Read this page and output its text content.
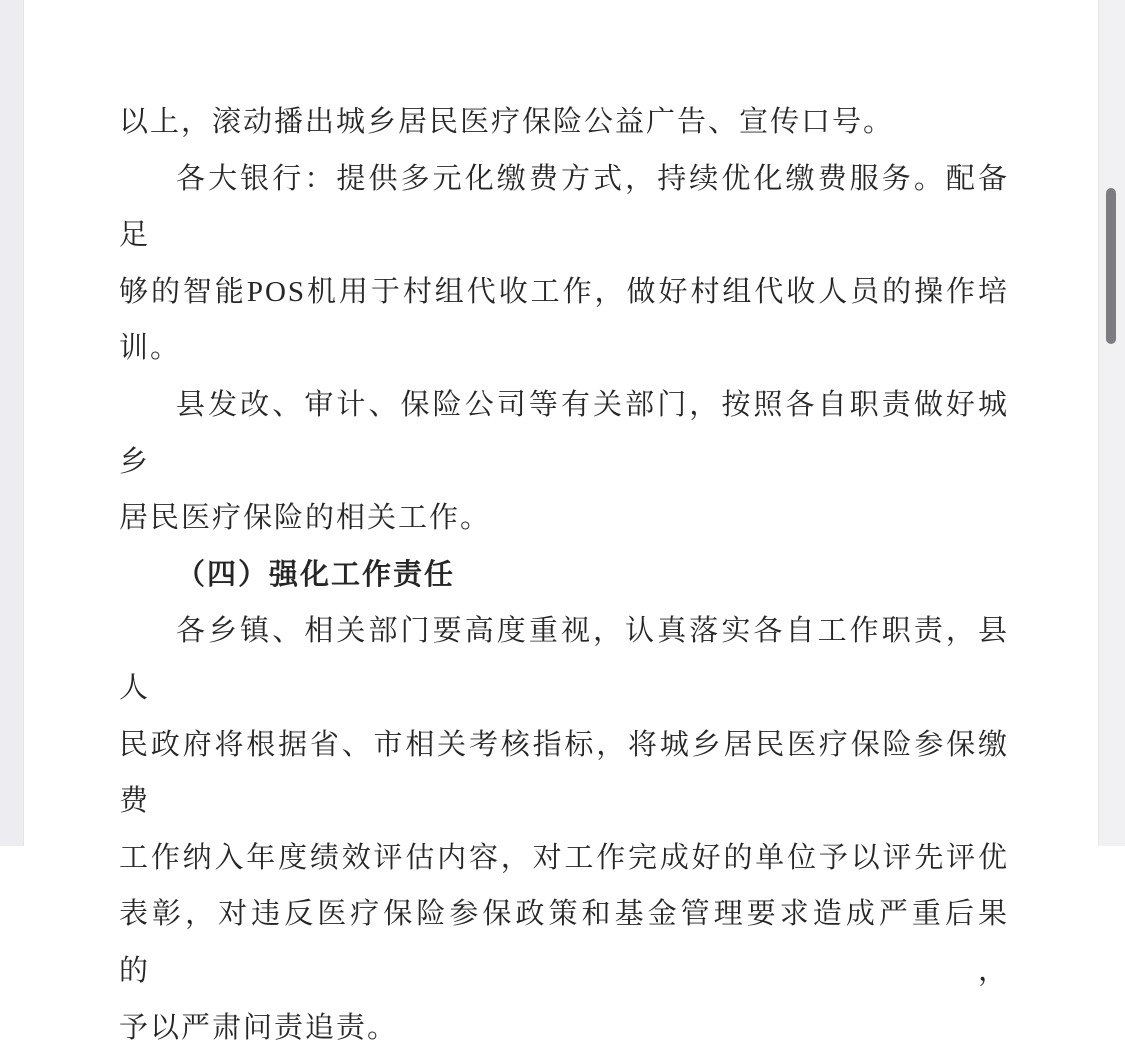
以上，滚动播出城乡居民医疗保险公益广告、宣传口号。
各大银行：提供多元化缴费方式，持续优化缴费服务。配备足
够的智能POS机用于村组代收工作，做好村组代收人员的操作培
训。
县发改、审计、保险公司等有关部门，按照各自职责做好城乡
居民医疗保险的相关工作。
（四）强化工作责任
各乡镇、相关部门要高度重视，认真落实各自工作职责，县人
民政府将根据省、市相关考核指标，将城乡居民医疗保险参保缴费
工作纳入年度绩效评估内容，对工作完成好的单位予以评先评优
表彰，对违反医疗保险参保政策和基金管理要求造成严重后果的，
予以严肃问责追责。
